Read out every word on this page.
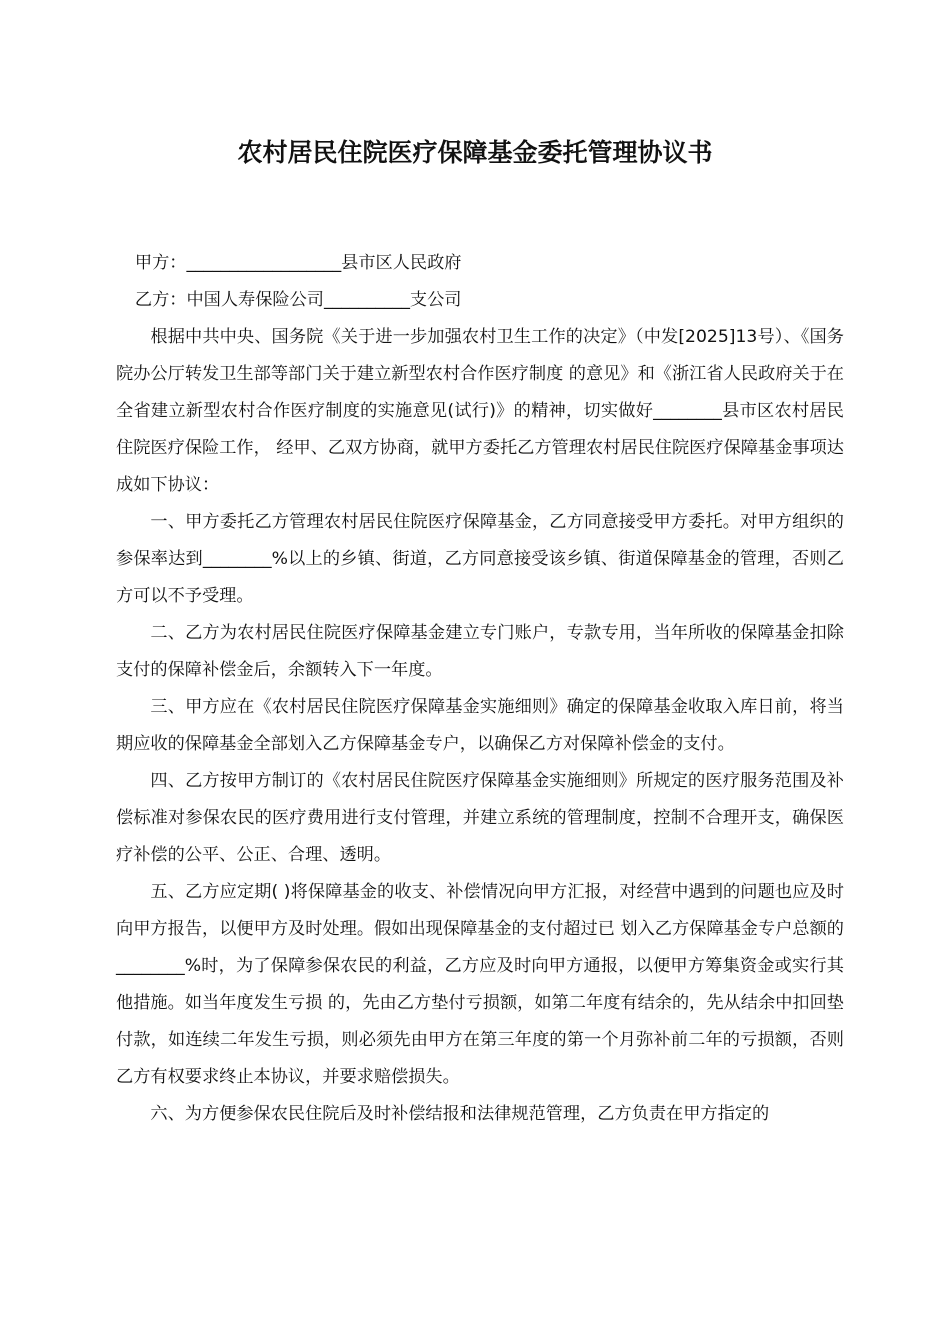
农村居民住院医疗保障基金委托管理协议书

甲方：__________________县市区人民政府

乙方：中国人寿保险公司__________支公司

根据中共中央、国务院《关于进一步加强农村卫生工作的决定》（中发[2025]13号）、《国务院办公厅转发卫生部等部门关于建立新型农村合作医疗制度 的意见》和《浙江省人民政府关于在全省建立新型农村合作医疗制度的实施意见(试行)》的精神，切实做好________县市区农村居民住院医疗保险工作， 经甲、乙双方协商，就甲方委托乙方管理农村居民住院医疗保障基金事项达成如下协议：

一、甲方委托乙方管理农村居民住院医疗保障基金，乙方同意接受甲方委托。对甲方组织的参保率达到________%以上的乡镇、街道，乙方同意接受该乡镇、街道保障基金的管理，否则乙方可以不予受理。

二、乙方为农村居民住院医疗保障基金建立专门账户，专款专用，当年所收的保障基金扣除支付的保障补偿金后，余额转入下一年度。

三、甲方应在《农村居民住院医疗保障基金实施细则》确定的保障基金收取入库日前，将当期应收的保障基金全部划入乙方保障基金专户，以确保乙方对保障补偿金的支付。

四、乙方按甲方制订的《农村居民住院医疗保障基金实施细则》所规定的医疗服务范围及补偿标准对参保农民的医疗费用进行支付管理，并建立系统的管理制度，控制不合理开支，确保医疗补偿的公平、公正、合理、透明。

五、乙方应定期( )将保障基金的收支、补偿情况向甲方汇报，对经营中遇到的问题也应及时向甲方报告，以便甲方及时处理。假如出现保障基金的支付超过已 划入乙方保障基金专户总额的________%时，为了保障参保农民的利益，乙方应及时向甲方通报，以便甲方筹集资金或实行其他措施。如当年度发生亏损 的，先由乙方垫付亏损额，如第二年度有结余的，先从结余中扣回垫付款，如连续二年发生亏损，则必须先由甲方在第三年度的第一个月弥补前二年的亏损额，否则 乙方有权要求终止本协议，并要求赔偿损失。

六、为方便参保农民住院后及时补偿结报和法律规范管理，乙方负责在甲方指定的
